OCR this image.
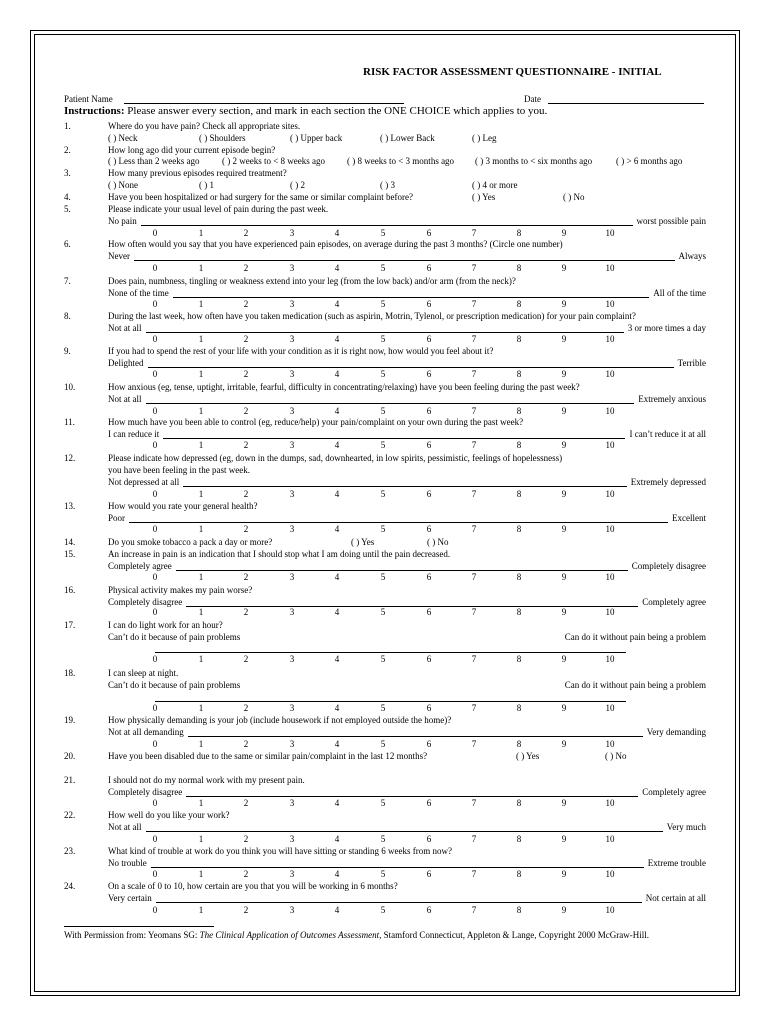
RISK FACTOR ASSESSMENT QUESTIONNAIRE - INITIAL
Patient Name	Date
Instructions: Please answer every section, and mark in each section the ONE CHOICE which applies to you.
1.	Where do you have pain? Check all appropriate sites.
( ) Neck	( ) Shoulders	( ) Upper back	( ) Lower Back	( ) Leg
2.	How long ago did your current episode begin?
( ) Less than 2 weeks ago	( ) 2 weeks to < 8 weeks ago ( ) 8 weeks to < 3 months ago ( ) 3 months to < six months ago	( ) > 6 months ago
3.	How many previous episodes required treatment?
( ) None	( ) 1	( ) 2	( ) 3	( ) 4 or more
4.	Have you been hospitalized or had surgery for the same or similar complaint before?	( ) Yes	( ) No
5.	Please indicate your usual level of pain during the past week.
No pain	worst possible pain
0	1	2	3	4	5	6	7	8	9	10
6.	How often would you say that you have experienced pain episodes, on average during the past 3 months? (Circle one number)
Never	Always
0	1	2	3	4	5	6	7	8	9	10
7.	Does pain, numbness, tingling or weakness extend into your leg (from the low back) and/or arm (from the neck)?
None of the time	All of the time
0	1	2	3	4	5	6	7	8	9	10
8.	During the last week, how often have you taken medication (such as aspirin, Motrin, Tylenol, or prescription medication) for your pain complaint?
Not at all	3 or more times a day
0	1	2	3	4	5	6	7	8	9	10
9.	If you had to spend the rest of your life with your condition as it is right now, how would you feel about it?
Delighted	Terrible
0	1	2	3	4	5	6	7	8	9	10
10.	How anxious (eg, tense, uptight, irritable, fearful, difficulty in concentrating/relaxing) have you been feeling during the past week?
Not at all	Extremely anxious
0	1	2	3	4	5	6	7	8	9	10
11.	How much have you been able to control (eg, reduce/help) your pain/complaint on your own during the past week?
I can reduce it	I can’t reduce it at all
0	1	2	3	4	5	6	7	8	9	10
12.	Please indicate how depressed (eg, down in the dumps, sad, downhearted, in low spirits, pessimistic, feelings of hopelessness)
you have been feeling in the past week.
Not depressed at all	Extremely depressed
0	1	2	3	4	5	6	7	8	9	10
13.	How would you rate your general health?
Poor	Excellent
0	1	2	3	4	5	6	7	8	9	10
14.	Do you smoke tobacco a pack a day or more?	( ) Yes	( ) No
15.	An increase in pain is an indication that I should stop what I am doing until the pain decreased.
Completely agree	Completely disagree
0	1	2	3	4	5	6	7	8	9	10
16.	Physical activity makes my pain worse?
Completely disagree	Completely agree
0	1	2	3	4	5	6	7	8	9	10
17.	I can do light work for an hour?
Can’t do it because of pain problems	Can do it without pain being a problem
0	1	2	3	4	5	6	7	8	9	10
18.	I can sleep at night.
Can’t do it because of pain problems	Can do it without pain being a problem
0	1	2	3	4	5	6	7	8	9	10
19.	How physically demanding is your job (include housework if not employed outside the home)?
Not at all demanding	Very demanding
0	1	2	3	4	5	6	7	8	9	10
20.	Have you been disabled due to the same or similar pain/complaint in the last 12 months?	( ) Yes	( ) No
21.	I should not do my normal work with my present pain.
Completely disagree	Completely agree
0	1	2	3	4	5	6	7	8	9	10
22.	How well do you like your work?
Not at all	Very much
0	1	2	3	4	5	6	7	8	9	10
23.	What kind of trouble at work do you think you will have sitting or standing 6 weeks from now?
No trouble	Extreme trouble
0	1	2	3	4	5	6	7	8	9	10
24.	On a scale of 0 to 10, how certain are you that you will be working in 6 months?
Very certain	Not certain at all
0	1	2	3	4	5	6	7	8	9	10
With Permission from: Yeomans SG: The Clinical Application of Outcomes Assessment, Stamford Connecticut, Appleton & Lange, Copyright 2000 McGraw-Hill.
